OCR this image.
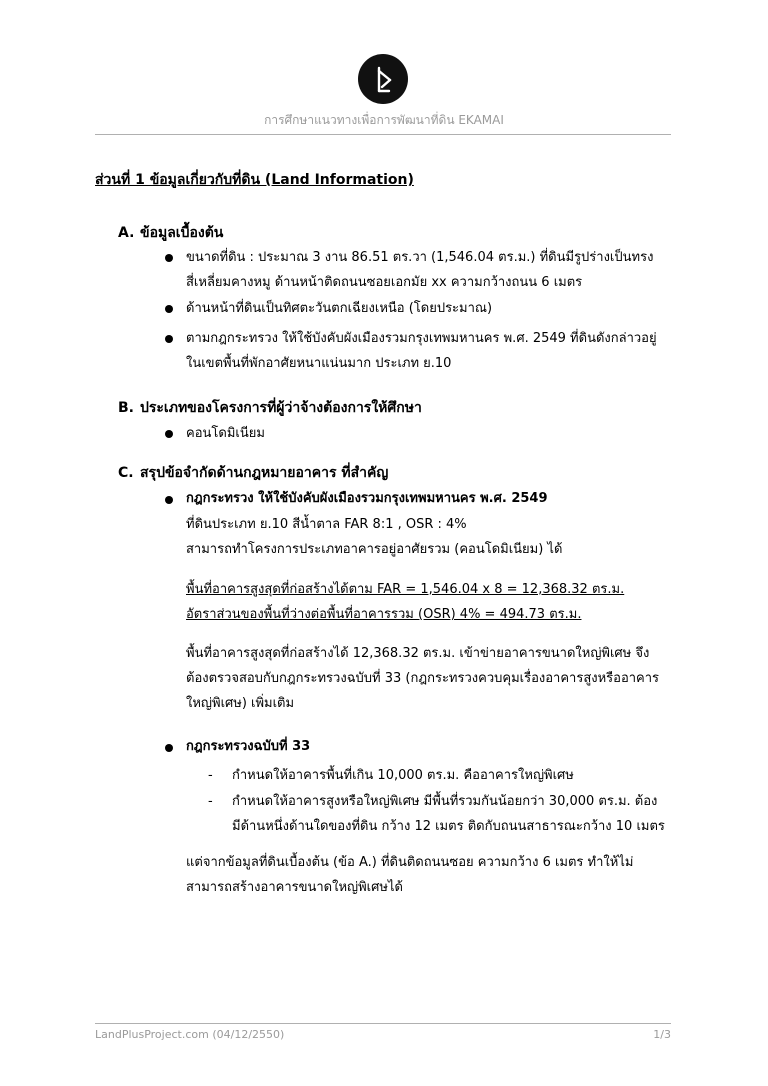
การศึกษาแนวทางเพื่อการพัฒนาที่ดิน EKAMAI
ส่วนที่ 1 ข้อมูลเกี่ยวกับที่ดิน (Land Information)
A. ข้อมูลเบื้องต้น
ขนาดที่ดิน : ประมาณ 3 งาน 86.51 ตร.วา (1,546.04 ตร.ม.) ที่ดินมีรูปร่างเป็นทรง
สี่เหลี่ยมคางหมู ด้านหน้าติดถนนซอยเอกมัย xx ความกว้างถนน 6 เมตร
ด้านหน้าที่ดินเป็นทิศตะวันตกเฉียงเหนือ (โดยประมาณ)
ตามกฎกระทรวง ให้ใช้บังคับผังเมืองรวมกรุงเทพมหานคร พ.ศ. 2549 ที่ดินดังกล่าวอยู่
ในเขตพื้นที่พักอาศัยหนาแน่นมาก ประเภท ย.10
B. ประเภทของโครงการที่ผู้ว่าจ้างต้องการให้ศึกษา
คอนโดมิเนียม
C. สรุปข้อจำกัดด้านกฎหมายอาคาร ที่สำคัญ
กฎกระทรวง ให้ใช้บังคับผังเมืองรวมกรุงเทพมหานคร พ.ศ. 2549
ที่ดินประเภท ย.10 สีน้ำตาล FAR 8:1 , OSR : 4%
สามารถทำโครงการประเภทอาคารอยู่อาศัยรวม (คอนโดมิเนียม) ได้
พื้นที่อาคารสูงสุดที่ก่อสร้างได้ตาม FAR = 1,546.04 x 8 = 12,368.32 ตร.ม.
อัตราส่วนของพื้นที่ว่างต่อพื้นที่อาคารรวม (OSR) 4% = 494.73 ตร.ม.
พื้นที่อาคารสูงสุดที่ก่อสร้างได้ 12,368.32 ตร.ม. เข้าข่ายอาคารขนาดใหญ่พิเศษ จึง
ต้องตรวจสอบกับกฎกระทรวงฉบับที่ 33 (กฎกระทรวงควบคุมเรื่องอาคารสูงหรืออาคาร
ใหญ่พิเศษ) เพิ่มเติม
กฎกระทรวงฉบับที่ 33
- กำหนดให้อาคารพื้นที่เกิน 10,000 ตร.ม. คืออาคารใหญ่พิเศษ
- กำหนดให้อาคารสูงหรือใหญ่พิเศษ มีพื้นที่รวมกันน้อยกว่า 30,000 ตร.ม. ต้อง
มีด้านหนึ่งด้านใดของที่ดิน กว้าง 12 เมตร ติดกับถนนสาธารณะกว้าง 10 เมตร
แต่จากข้อมูลที่ดินเบื้องต้น (ข้อ A.) ที่ดินติดถนนซอย ความกว้าง 6 เมตร ทำให้ไม่
สามารถสร้างอาคารขนาดใหญ่พิเศษได้
LandPlusProject.com (04/12/2550)	1/3
